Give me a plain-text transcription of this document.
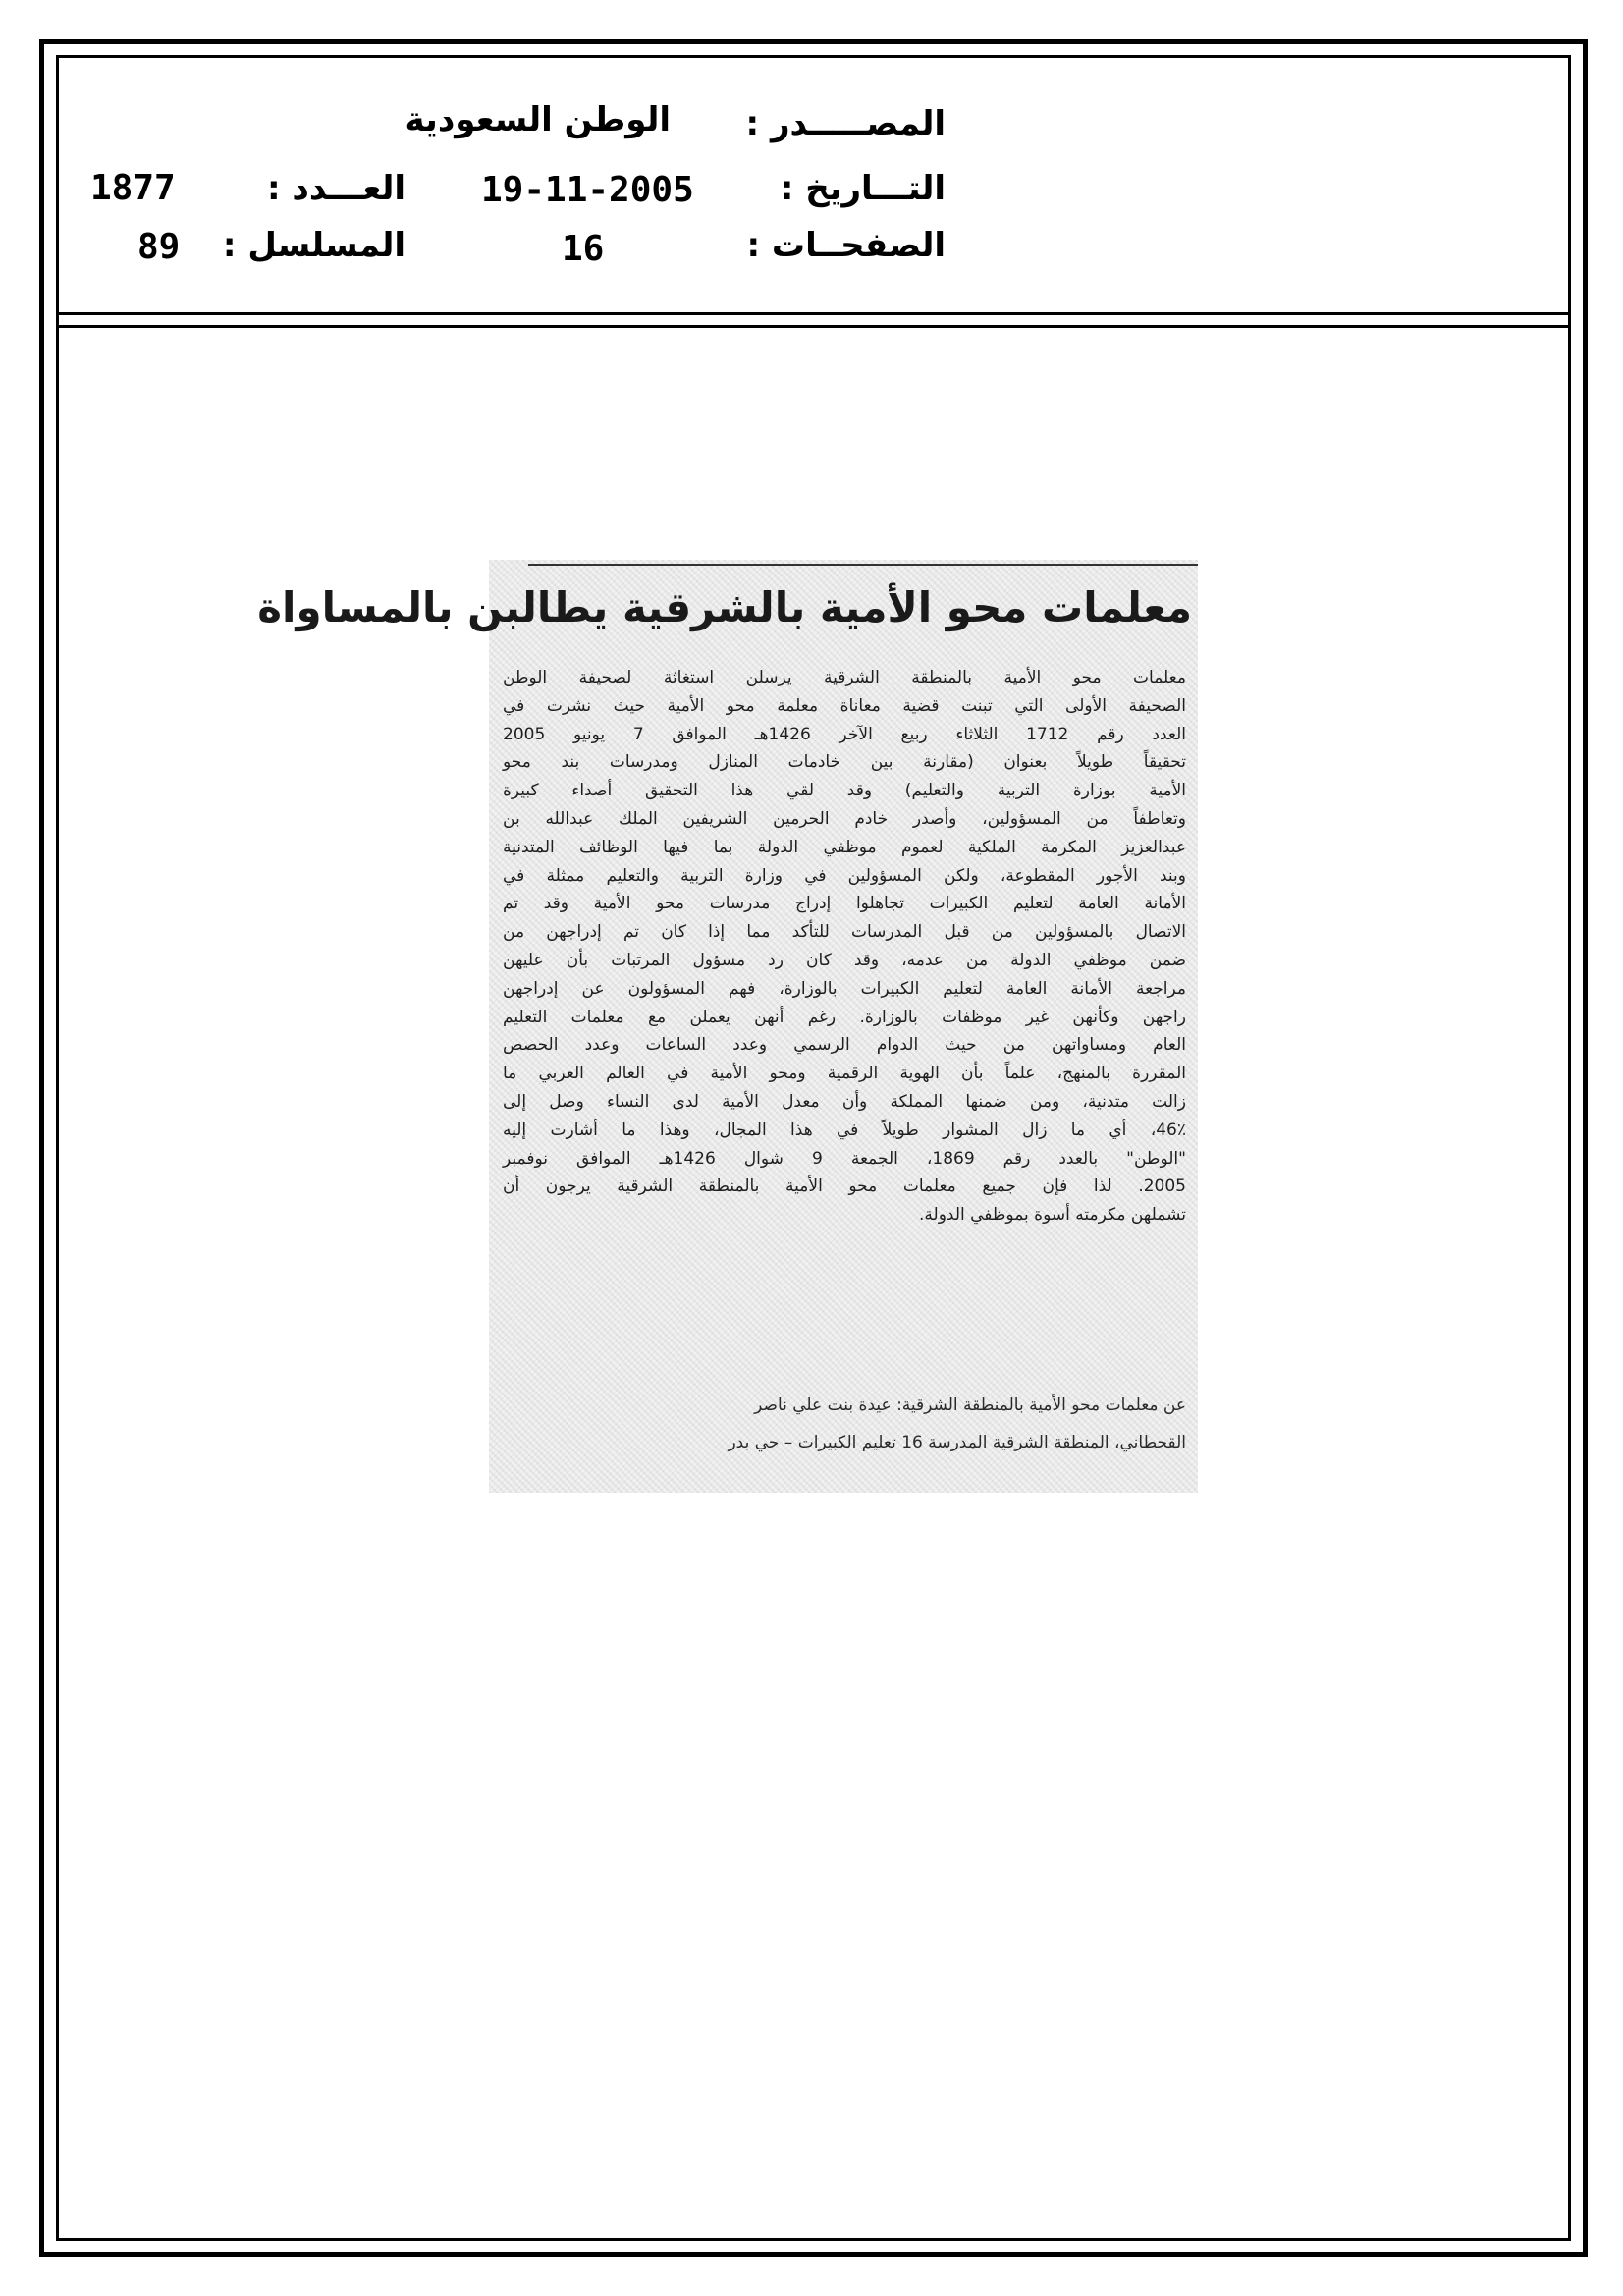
المصـــــدر :
الوطن السعودية
التـــاريخ :
19-11-2005
العـــدد :
1877
الصفحــات :
16
المسلسل :
89
معلمات محو الأمية بالشرقية يطالبن بالمساواة
معلمات محو الأمية بالمنطقة الشرقية يرسلن استغاثة لصحيفة الوطن
الصحيفة الأولى التي تبنت قضية معاناة معلمة محو الأمية حيث نشرت في
العدد رقم 1712 الثلاثاء ربيع الآخر 1426هـ الموافق 7 يونيو 2005
تحقيقاً طويلاً بعنوان (مقارنة بين خادمات المنازل ومدرسات بند محو
الأمية بوزارة التربية والتعليم) وقد لقي هذا التحقيق أصداء كبيرة
وتعاطفاً من المسؤولين، وأصدر خادم الحرمين الشريفين الملك عبدالله بن
عبدالعزيز المكرمة الملكية لعموم موظفي الدولة بما فيها الوظائف المتدنية
وبند الأجور المقطوعة، ولكن المسؤولين في وزارة التربية والتعليم ممثلة في
الأمانة العامة لتعليم الكبيرات تجاهلوا إدراج مدرسات محو الأمية وقد تم
الاتصال بالمسؤولين من قبل المدرسات للتأكد مما إذا كان تم إدراجهن من
ضمن موظفي الدولة من عدمه، وقد كان رد مسؤول المرتبات بأن عليهن
مراجعة الأمانة العامة لتعليم الكبيرات بالوزارة، فهم المسؤولون عن إدراجهن
راجهن وكأنهن غير موظفات بالوزارة. رغم أنهن يعملن مع معلمات التعليم
العام ومساواتهن من حيث الدوام الرسمي وعدد الساعات وعدد الحصص
المقررة بالمنهج، علماً بأن الهوية الرقمية ومحو الأمية في العالم العربي ما
زالت متدنية، ومن ضمنها المملكة وأن معدل الأمية لدى النساء وصل إلى
46٪، أي ما زال المشوار طويلاً في هذا المجال، وهذا ما أشارت إليه
"الوطن" بالعدد رقم 1869، الجمعة 9 شوال 1426هـ الموافق نوفمبر
2005. لذا فإن جميع معلمات محو الأمية بالمنطقة الشرقية يرجون أن
تشملهن مكرمته أسوة بموظفي الدولة.
عن معلمات محو الأمية بالمنطقة الشرقية: عيدة بنت علي ناصر
القحطاني، المنطقة الشرقية المدرسة 16 تعليم الكبيرات – حي بدر
